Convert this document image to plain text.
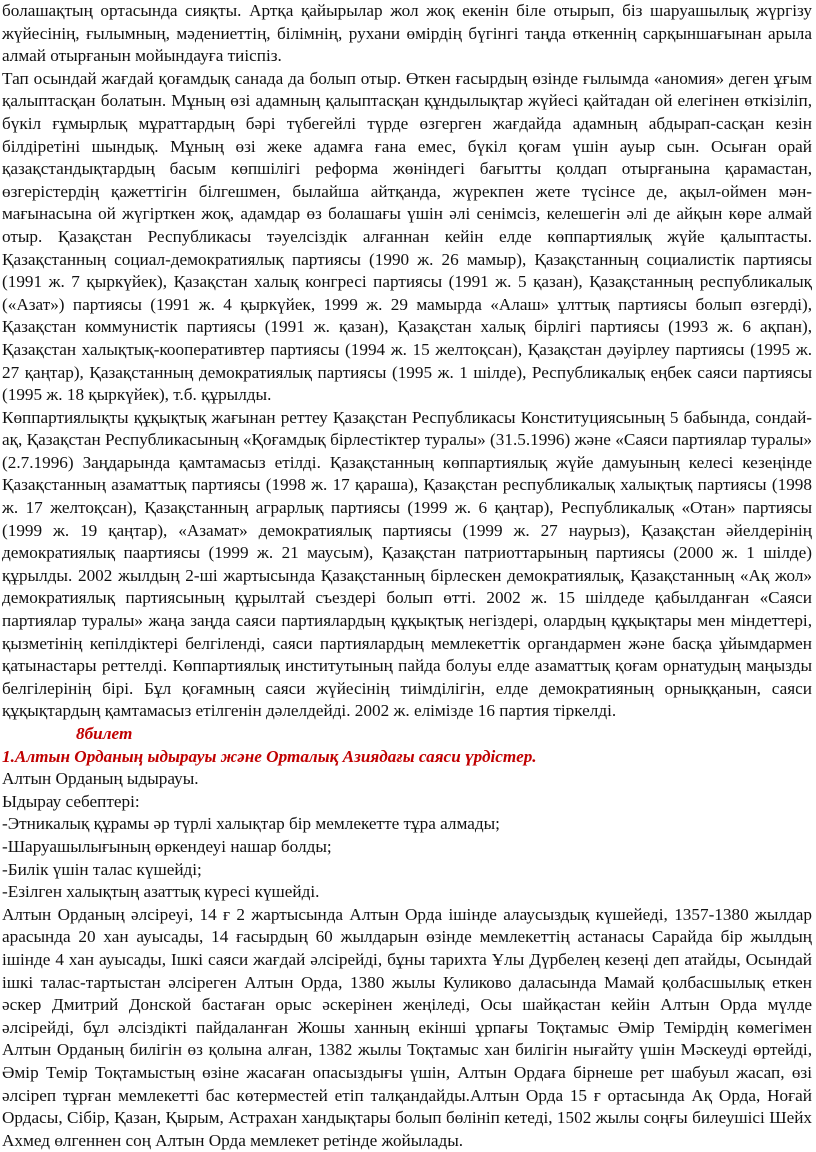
болашақтың ортасында сияқты. Артқа қайырылар жол жоқ екенін біле отырып, біз шаруашылық жүргізу жүйесінің, ғылымның, мәдениеттің, білімнің, рухани өмірдің бүгінгі таңда өткеннің сарқыншағынан арыла алмай отырғанын мойындауға тиіспіз.

Тап осындай жағдай қоғамдық санада да болып отыр. Өткен ғасырдың өзінде ғылымда «аномия» деген ұғым қалыптасқан болатын. Мұның өзі адамның қалыптасқан құндылықтар жүйесі қайтадан ой елегінен өткізіліп, бүкіл ғұмырлық мұраттардың бәрі түбегейлі түрде өзгерген жағдайда адамның абдырап-сасқан кезін білдіретіні шындық. Мұның өзі жеке адамға ғана емес, бүкіл қоғам үшін ауыр сын. Осыған орай қазақстандықтардың басым көпшілігі реформа жөніндегі бағытты қолдап отырғанына қарамастан, өзгерістердің қажеттігін білгешмен, былайша айтқанда, жүрекпен жете түсінсе де, ақыл-оймен мән-мағынасына ой жүгірткен жоқ, адамдар өз болашағы үшін әлі сенімсіз, келешегін әлі де айқын көре алмай отыр. Қазақстан Республикасы тәуелсіздік алғаннан кейін елде көппартиялық жүйе қалыптасты. Қазақстанның социал-демократиялық партиясы (1990 ж. 26 мамыр), Қазақстанның социалистік партиясы (1991 ж. 7 қыркүйек), Қазақстан халық конгресі партиясы (1991 ж. 5 қазан), Қазақстанның республикалық («Азат») партиясы (1991 ж. 4 қыркүйек, 1999 ж. 29 мамырда «Алаш» ұлттық партиясы болып өзгерді), Қазақстан коммунистік партиясы (1991 ж. қазан), Қазақстан халық бірлігі партиясы (1993 ж. 6 ақпан), Қазақстан халықтық-кооперативтер партиясы (1994 ж. 15 желтоқсан), Қазақстан дәуірлеу партиясы (1995 ж. 27 қаңтар), Қазақстанның демократиялық партиясы (1995 ж. 1 шілде), Республикалық еңбек саяси партиясы (1995 ж. 18 қыркүйек), т.б. құрылды.

Көппартиялықты құқықтық жағынан реттеу Қазақстан Республикасы Конституциясының 5 бабында, сондай-ақ, Қазақстан Республикасының «Қоғамдық бірлестіктер туралы» (31.5.1996) және «Саяси партиялар туралы» (2.7.1996) Заңдарында қамтамасыз етілді. Қазақстанның көппартиялық жүйе дамуының келесі кезеңінде Қазақстанның азаматтық партиясы (1998 ж. 17 қараша), Қазақстан республикалық халықтық партиясы (1998 ж. 17 желтоқсан), Қазақстанның аграрлық партиясы (1999 ж. 6 қаңтар), Республикалық «Отан» партиясы (1999 ж. 19 қаңтар), «Азамат» демократиялық партиясы (1999 ж. 27 наурыз), Қазақстан әйелдерінің демократиялық паартиясы (1999 ж. 21 маусым), Қазақстан патриоттарының партиясы (2000 ж. 1 шілде) құрылды. 2002 жылдың 2-ші жартысында Қазақстанның бірлескен демократиялық, Қазақстанның «Ақ жол» демократиялық партиясының құрылтай съездері болып өтті. 2002 ж. 15 шілдеде қабылданған «Саяси партиялар туралы» жаңа заңда саяси партиялардың құқықтық негіздері, олардың құқықтары мен міндеттері, қызметінің кепілдіктері белгіленді, саяси партиялардың мемлекеттік органдармен және басқа ұйымдармен қатынастары реттелді. Көппартиялық институтының пайда болуы елде азаматтық қоғам орнатудың маңызды белгілерінің бірі. Бұл қоғамның саяси жүйесінің тиімділігін, елде демократияның орныққанын, саяси құқықтардың қамтамасыз етілгенін дәлелдейді. 2002 ж. елімізде 16 партия тіркелді.

8билет

1.Алтын Орданың ыдырауы және Орталық Азиядағы саяси үрдістер.

Алтын Орданың ыдырауы.

Ыдырау себептері:

-Этникалық құрамы әр түрлі халықтар бір мемлекетте тұра алмады;

-Шаруашылығының өркендеуі нашар болды;

-Билік үшін талас күшейді;

-Езілген халықтың азаттық күресі күшейді.

Алтын Орданың әлсіреуі, 14 ғ 2 жартысында Алтын Орда ішінде алаусыздық күшейеді, 1357-1380 жылдар арасында 20 хан ауысады, 14 ғасырдың 60 жылдарын өзінде мемлекеттің астанасы Сарайда бір жылдың ішінде 4 хан ауысады, Ішкі саяси жағдай әлсірейді, бұны тарихта Ұлы Дүрбелең кезеңі деп атайды, Осындай ішкі талас-тартыстан әлсіреген Алтын Орда, 1380 жылы Куликово даласында Мамай қолбасшылық еткен әскер Дмитрий Донской бастаған орыс әскерінен жеңіледі, Осы шайқастан кейін Алтын Орда мүлде әлсірейді, бұл әлсіздікті пайдаланған Жошы ханның екінші ұрпағы Тоқтамыс Әмір Темірдің көмегімен Алтын Орданың билігін өз қолына алған, 1382 жылы Тоқтамыс хан билігін нығайту үшін Мәскеуді өртейді, Әмір Темір Тоқтамыстың өзіне жасаған опасыздығы үшін, Алтын Ордаға бірнеше рет шабуыл жасап, өзі әлсіреп тұрған мемлекетті бас көтерместей етіп талқандайды.Алтын Орда 15 ғ ортасында Ақ Орда, Ноғай Ордасы, Сібір, Қазан, Қырым, Астрахан хандықтары болып бөлініп кетеді, 1502 жылы соңғы билеушісі Шейх Ахмед өлгеннен соң Алтын Орда мемлекет ретінде жойылады.
